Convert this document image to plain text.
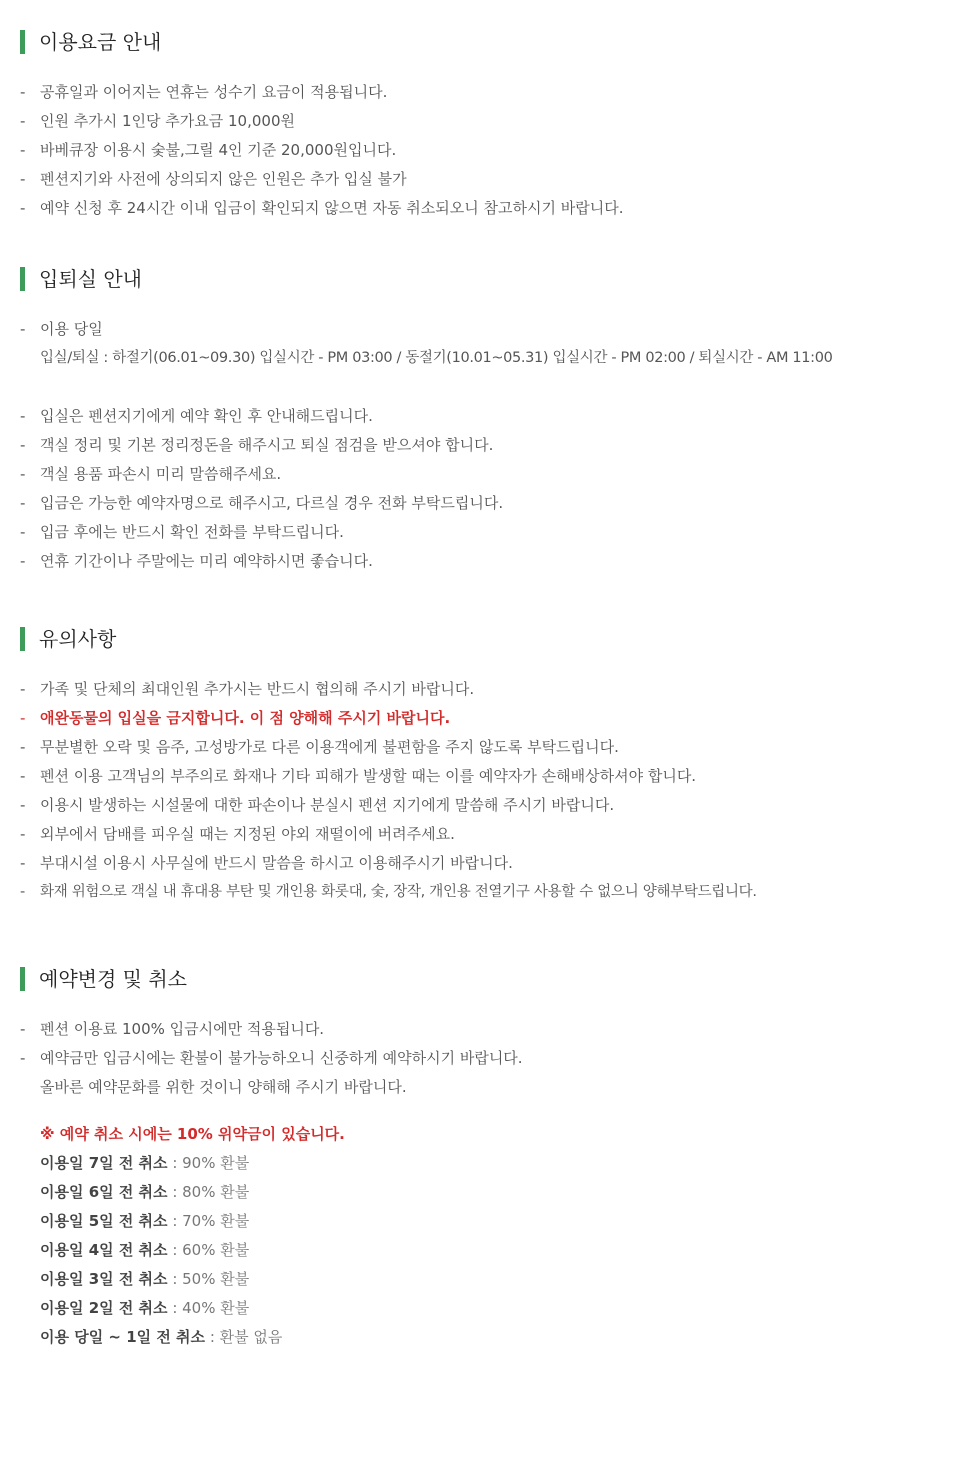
이용요금 안내
- 공휴일과 이어지는 연휴는 성수기 요금이 적용됩니다.
- 인원 추가시 1인당 추가요금 10,000원
- 바베큐장 이용시 숯불,그릴 4인 기준 20,000원입니다.
- 펜션지기와 사전에 상의되지 않은 인원은 추가 입실 불가
- 예약 신청 후 24시간 이내 입금이 확인되지 않으면 자동 취소되오니 참고하시기 바랍니다.
입퇴실 안내
- 이용 당일
입실/퇴실 : 하절기(06.01~09.30) 입실시간 - PM 03:00 / 동절기(10.01~05.31) 입실시간 - PM 02:00 / 퇴실시간 - AM 11:00
- 입실은 펜션지기에게 예약 확인 후 안내해드립니다.
- 객실 정리 및 기본 정리정돈을 해주시고 퇴실 점검을 받으셔야 합니다.
- 객실 용품 파손시 미리 말씀해주세요.
- 입금은 가능한 예약자명으로 해주시고, 다르실 경우 전화 부탁드립니다.
- 입금 후에는 반드시 확인 전화를 부탁드립니다.
- 연휴 기간이나 주말에는 미리 예약하시면 좋습니다.
유의사항
- 가족 및 단체의 최대인원 추가시는 반드시 협의해 주시기 바랍니다.
- 애완동물의 입실을 금지합니다. 이 점 양해해 주시기 바랍니다.
- 무분별한 오락 및 음주, 고성방가로 다른 이용객에게 불편함을 주지 않도록 부탁드립니다.
- 펜션 이용 고객님의 부주의로 화재나 기타 피해가 발생할 때는 이를 예약자가 손해배상하셔야 합니다.
- 이용시 발생하는 시설물에 대한 파손이나 분실시 펜션 지기에게 말씀해 주시기 바랍니다.
- 외부에서 담배를 피우실 때는 지정된 야외 재떨이에 버려주세요.
- 부대시설 이용시 사무실에 반드시 말씀을 하시고 이용해주시기 바랍니다.
- 화재 위험으로 객실 내 휴대용 부탄 및 개인용 화롯대, 숯, 장작, 개인용 전열기구 사용할 수 없으니 양해부탁드립니다.
예약변경 및 취소
- 펜션 이용료 100% 입금시에만 적용됩니다.
- 예약금만 입금시에는 환불이 불가능하오니 신중하게 예약하시기 바랍니다.
올바른 예약문화를 위한 것이니 양해해 주시기 바랍니다.
※ 예약 취소 시에는 10% 위약금이 있습니다.
이용일 7일 전 취소 : 90% 환불
이용일 6일 전 취소 : 80% 환불
이용일 5일 전 취소 : 70% 환불
이용일 4일 전 취소 : 60% 환불
이용일 3일 전 취소 : 50% 환불
이용일 2일 전 취소 : 40% 환불
이용 당일 ~ 1일 전 취소 : 환불 없음
